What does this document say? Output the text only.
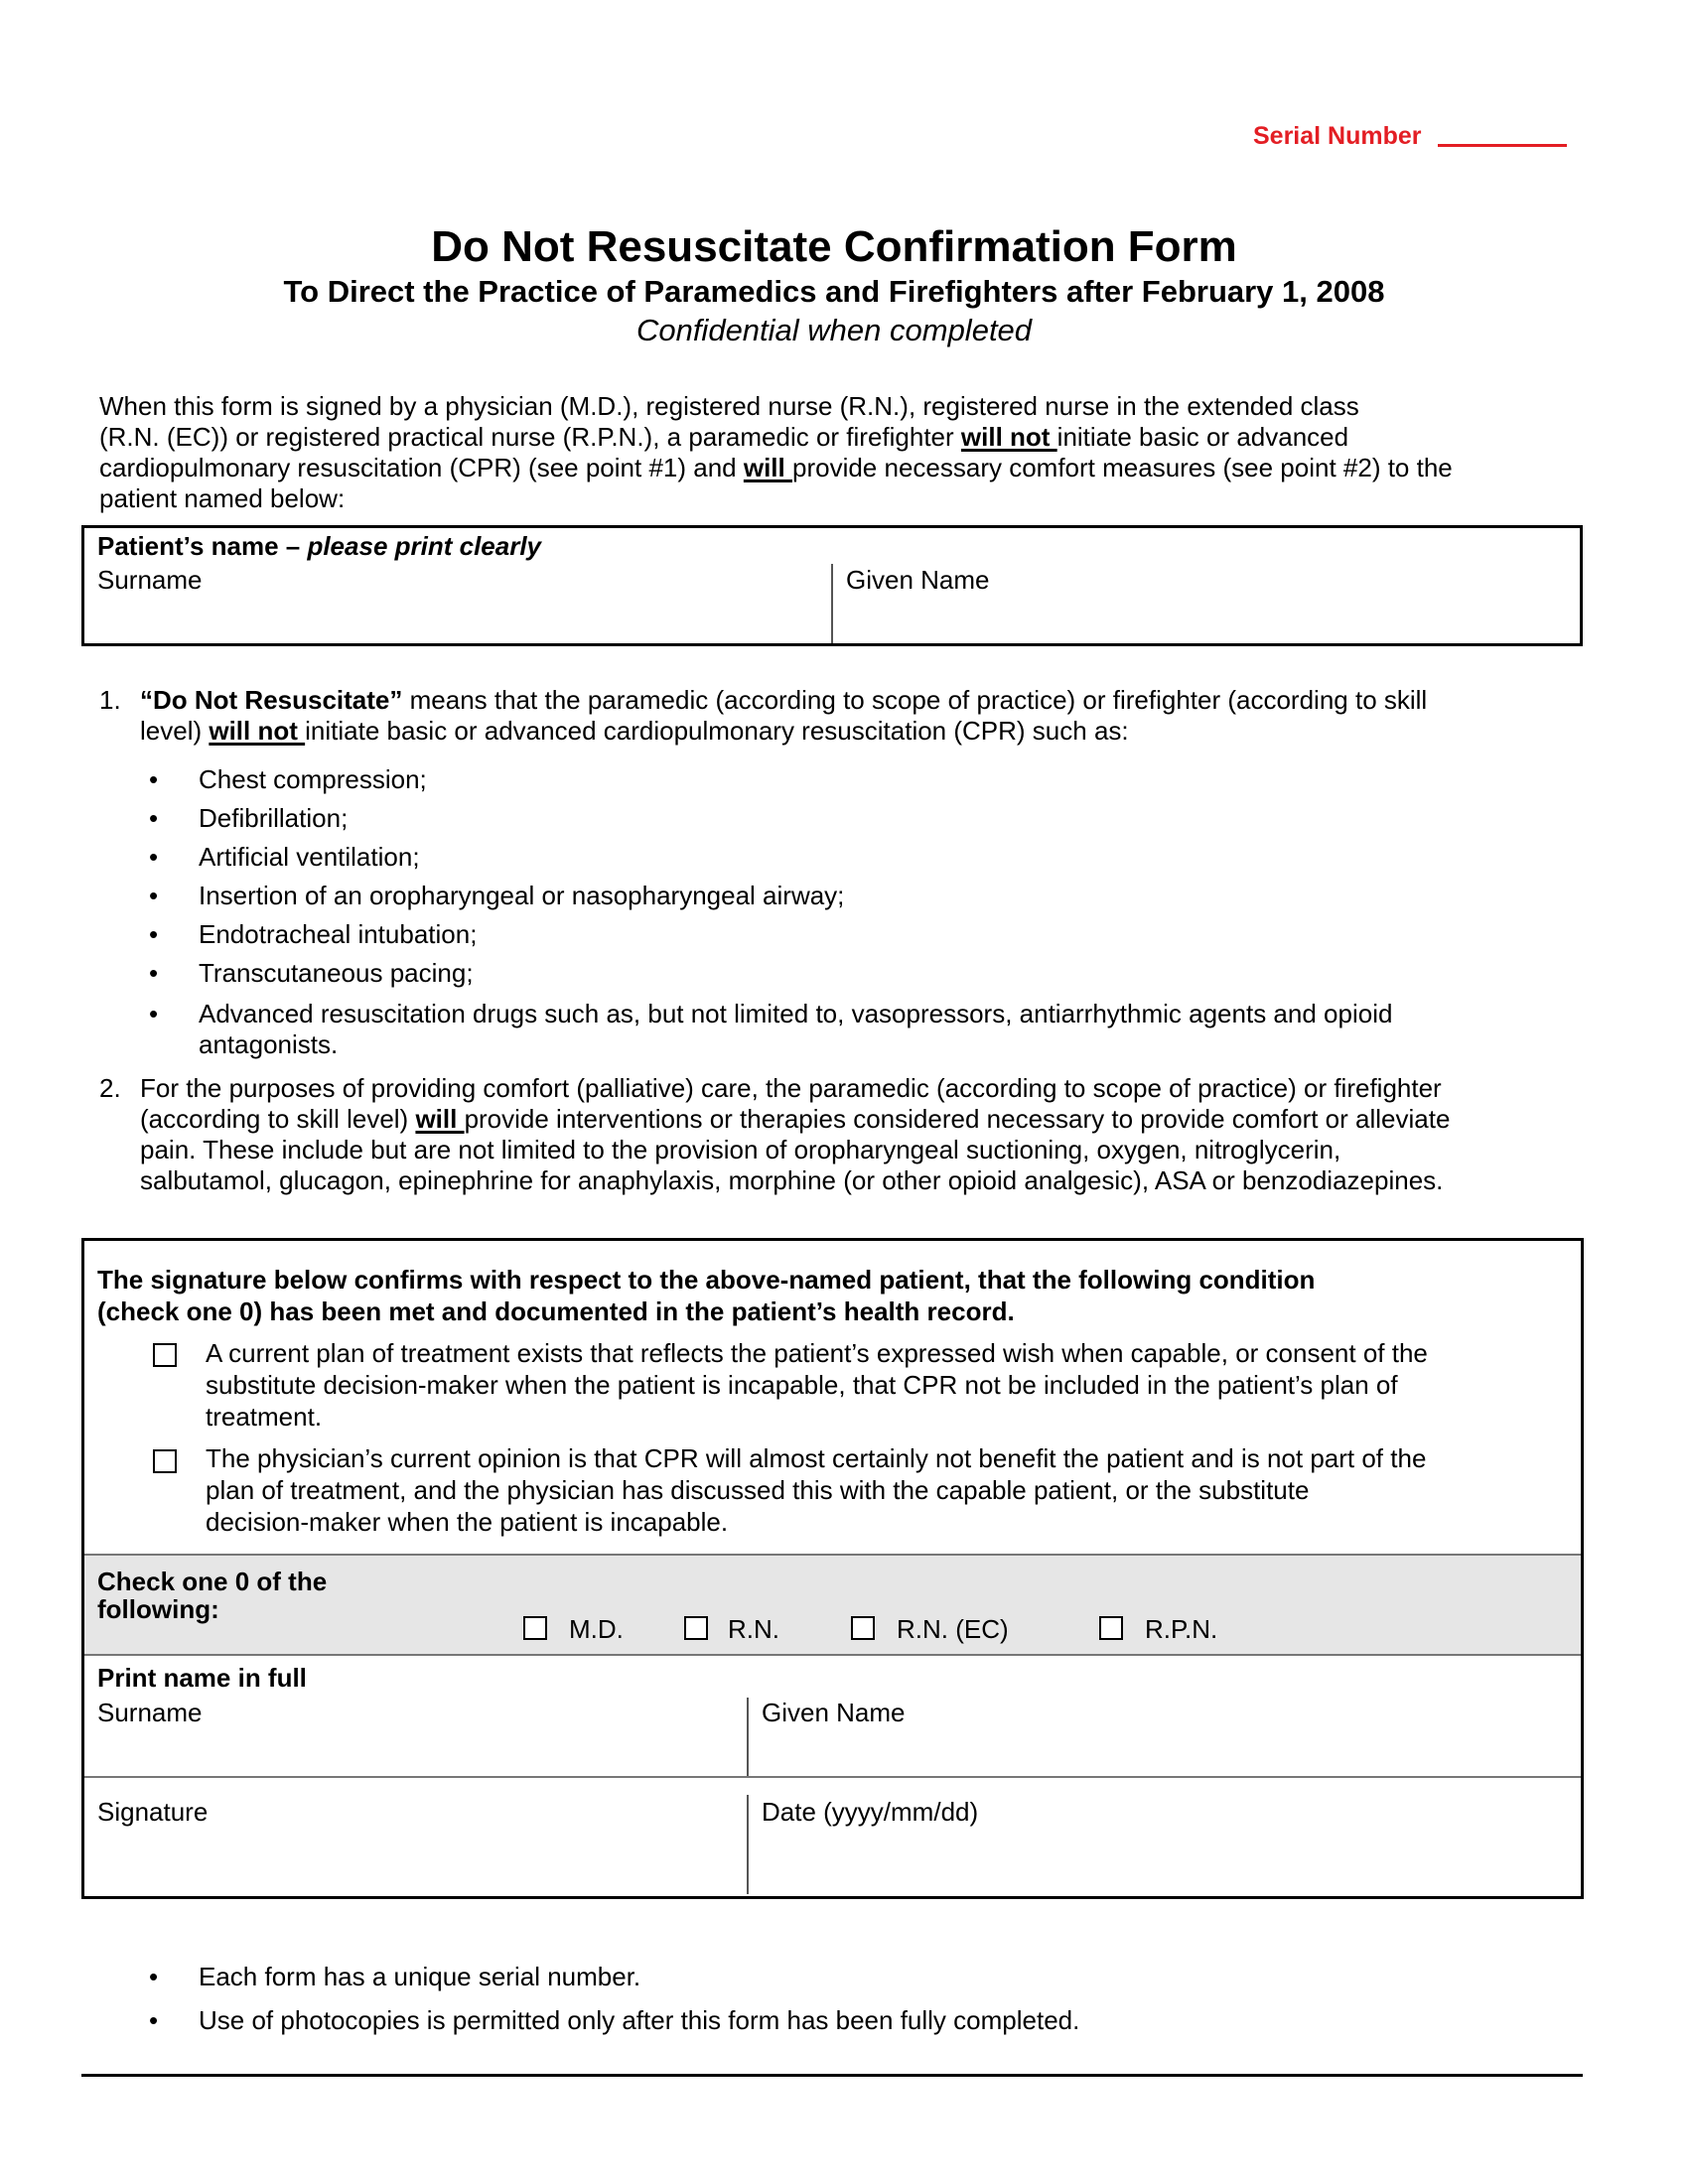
Serial Number
Do Not Resuscitate Confirmation Form
To Direct the Practice of Paramedics and Firefighters after February 1, 2008
Confidential when completed
When this form is signed by a physician (M.D.), registered nurse (R.N.), registered nurse in the extended class
(R.N. (EC)) or registered practical nurse (R.P.N.), a paramedic or firefighter will not initiate basic or advanced
cardiopulmonary resuscitation (CPR) (see point #1) and will provide necessary comfort measures (see point #2) to the
patient named below:
Patient’s name – please print clearly
Surname	Given Name
1. “Do Not Resuscitate” means that the paramedic (according to scope of practice) or firefighter (according to skill
level) will not initiate basic or advanced cardiopulmonary resuscitation (CPR) such as:
• Chest compression;
• Defibrillation;
• Artificial ventilation;
• Insertion of an oropharyngeal or nasopharyngeal airway;
• Endotracheal intubation;
• Transcutaneous pacing;
• Advanced resuscitation drugs such as, but not limited to, vasopressors, antiarrhythmic agents and opioid
antagonists.
2. For the purposes of providing comfort (palliative) care, the paramedic (according to scope of practice) or firefighter
(according to skill level) will provide interventions or therapies considered necessary to provide comfort or alleviate
pain. These include but are not limited to the provision of oropharyngeal suctioning, oxygen, nitroglycerin,
salbutamol, glucagon, epinephrine for anaphylaxis, morphine (or other opioid analgesic), ASA or benzodiazepines.
The signature below confirms with respect to the above-named patient, that the following condition
(check one 0) has been met and documented in the patient’s health record.
A current plan of treatment exists that reflects the patient’s expressed wish when capable, or consent of the
substitute decision-maker when the patient is incapable, that CPR not be included in the patient’s plan of
treatment.
The physician’s current opinion is that CPR will almost certainly not benefit the patient and is not part of the
plan of treatment, and the physician has discussed this with the capable patient, or the substitute
decision-maker when the patient is incapable.
Check one 0 of the
following:
M.D.	R.N.	R.N. (EC)	R.P.N.
Print name in full
Surname	Given Name
Signature	Date (yyyy/mm/dd)
• Each form has a unique serial number.
• Use of photocopies is permitted only after this form has been fully completed.
